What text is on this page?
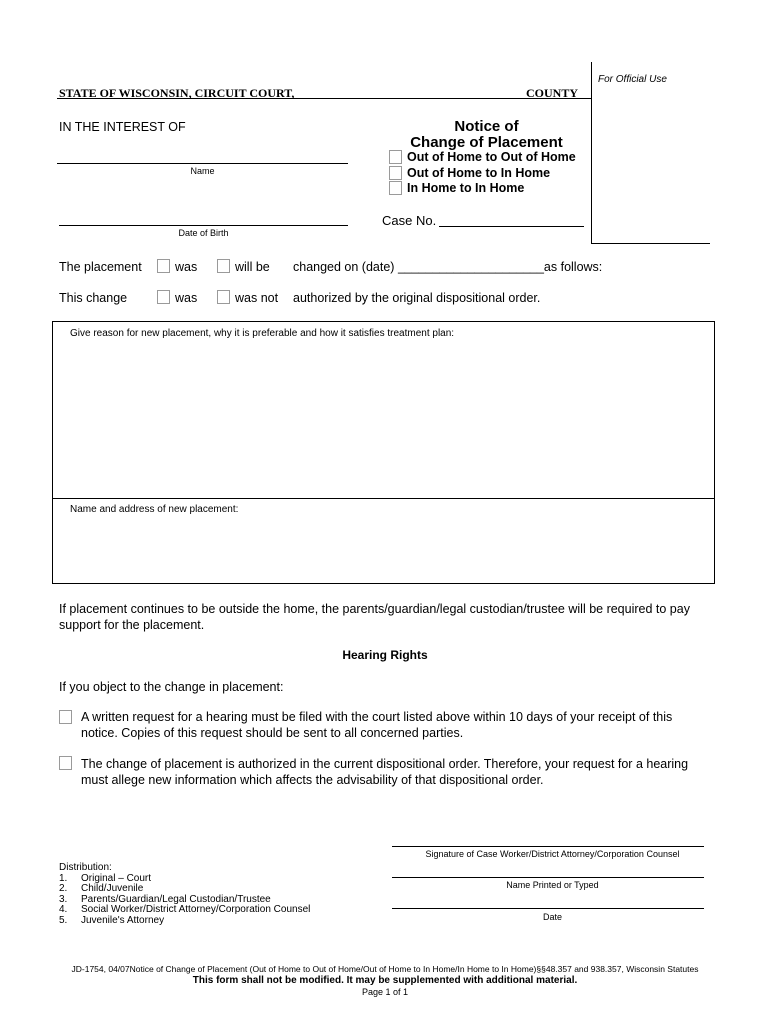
For Official Use
STATE OF WISCONSIN, CIRCUIT COURT,	COUNTY
IN THE INTEREST OF
Name
Date of Birth
Notice of
Change of Placement
Out of Home to Out of Home
Out of Home to In Home
In Home to In Home
Case No.
The placement	was	will be changed on (date) _____________________as follows:
This change	was	was not authorized by the original dispositional order.
Give reason for new placement, why it is preferable and how it satisfies treatment plan:
Name and address of new placement:
If placement continues to be outside the home, the parents/guardian/legal custodian/trustee will be required to pay support for the placement.
Hearing Rights
If you object to the change in placement:
A written request for a hearing must be filed with the court listed above within 10 days of your receipt of this notice. Copies of this request should be sent to all concerned parties.
The change of placement is authorized in the current dispositional order. Therefore, your request for a hearing must allege new information which affects the advisability of that dispositional order.
Distribution:
1. Original – Court
2. Child/Juvenile
3. Parents/Guardian/Legal Custodian/Trustee
4. Social Worker/District Attorney/Corporation Counsel
5. Juvenile's Attorney
Signature of Case Worker/District Attorney/Corporation Counsel
Name Printed or Typed
Date
JD-1754, 04/07Notice of Change of Placement (Out of Home to Out of Home/Out of Home to In Home/In Home to In Home)§§48.357 and 938.357, Wisconsin Statutes
This form shall not be modified. It may be supplemented with additional material.
Page 1 of 1
